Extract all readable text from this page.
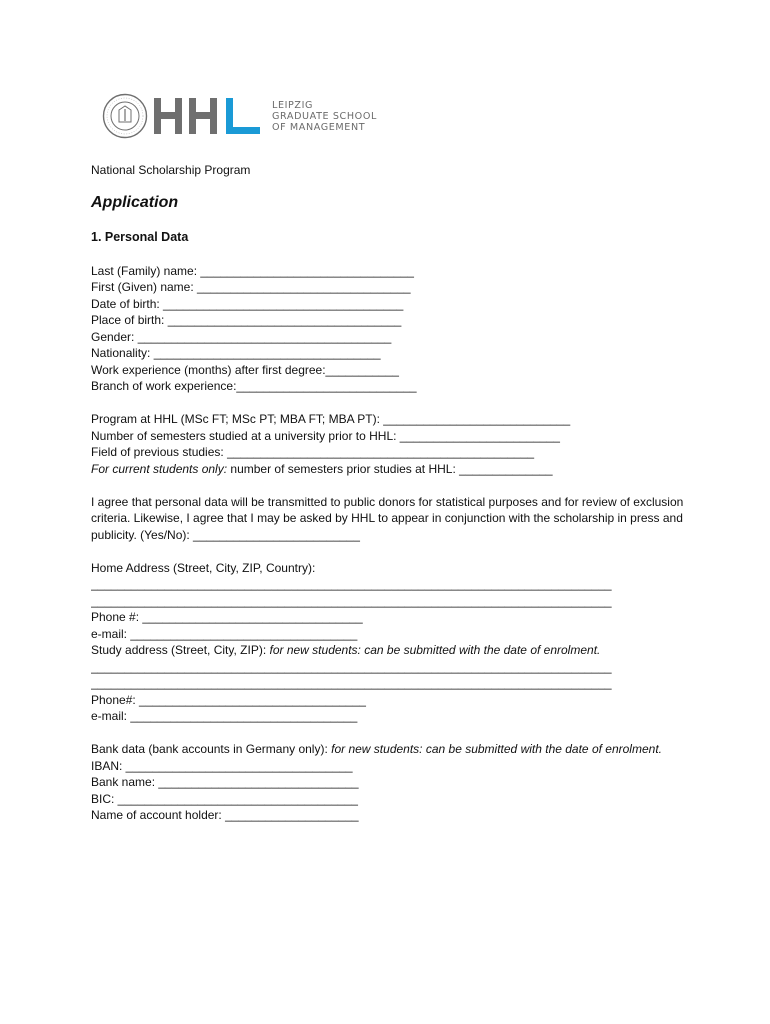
LEIPZIG
GRADUATE SCHOOL
OF MANAGEMENT

National Scholarship Program

Application

1. Personal Data

Last (Family) name: ________________________________

First (Given) name: ________________________________

Date of birth: ____________________________________

Place of birth: ___________________________________

Gender: ______________________________________

Nationality: __________________________________

Work experience (months) after first degree:___________

Branch of work experience:___________________________

Program at HHL (MSc FT; MSc PT; MBA FT; MBA PT): ____________________________

Number of semesters studied at a university prior to HHL: ________________________

Field of previous studies: ______________________________________________

For current students only: number of semesters prior studies at HHL: ______________

I agree that personal data will be transmitted to public donors for statistical purposes and for review of exclusion criteria. Likewise, I agree that I may be asked by HHL to appear in conjunction with the scholarship in press and publicity. (Yes/No): _________________________

Home Address (Street, City, ZIP, Country):

______________________________________________________________________________

______________________________________________________________________________

Phone #: _________________________________

e-mail: __________________________________

Study address (Street, City, ZIP): for new students: can be submitted with the date of enrolment.

______________________________________________________________________________

______________________________________________________________________________

Phone#: __________________________________

e-mail: __________________________________

Bank data (bank accounts in Germany only): for new students: can be submitted with the date of enrolment.

IBAN: __________________________________

Bank name: ______________________________

BIC: ____________________________________

Name of account holder: ____________________
